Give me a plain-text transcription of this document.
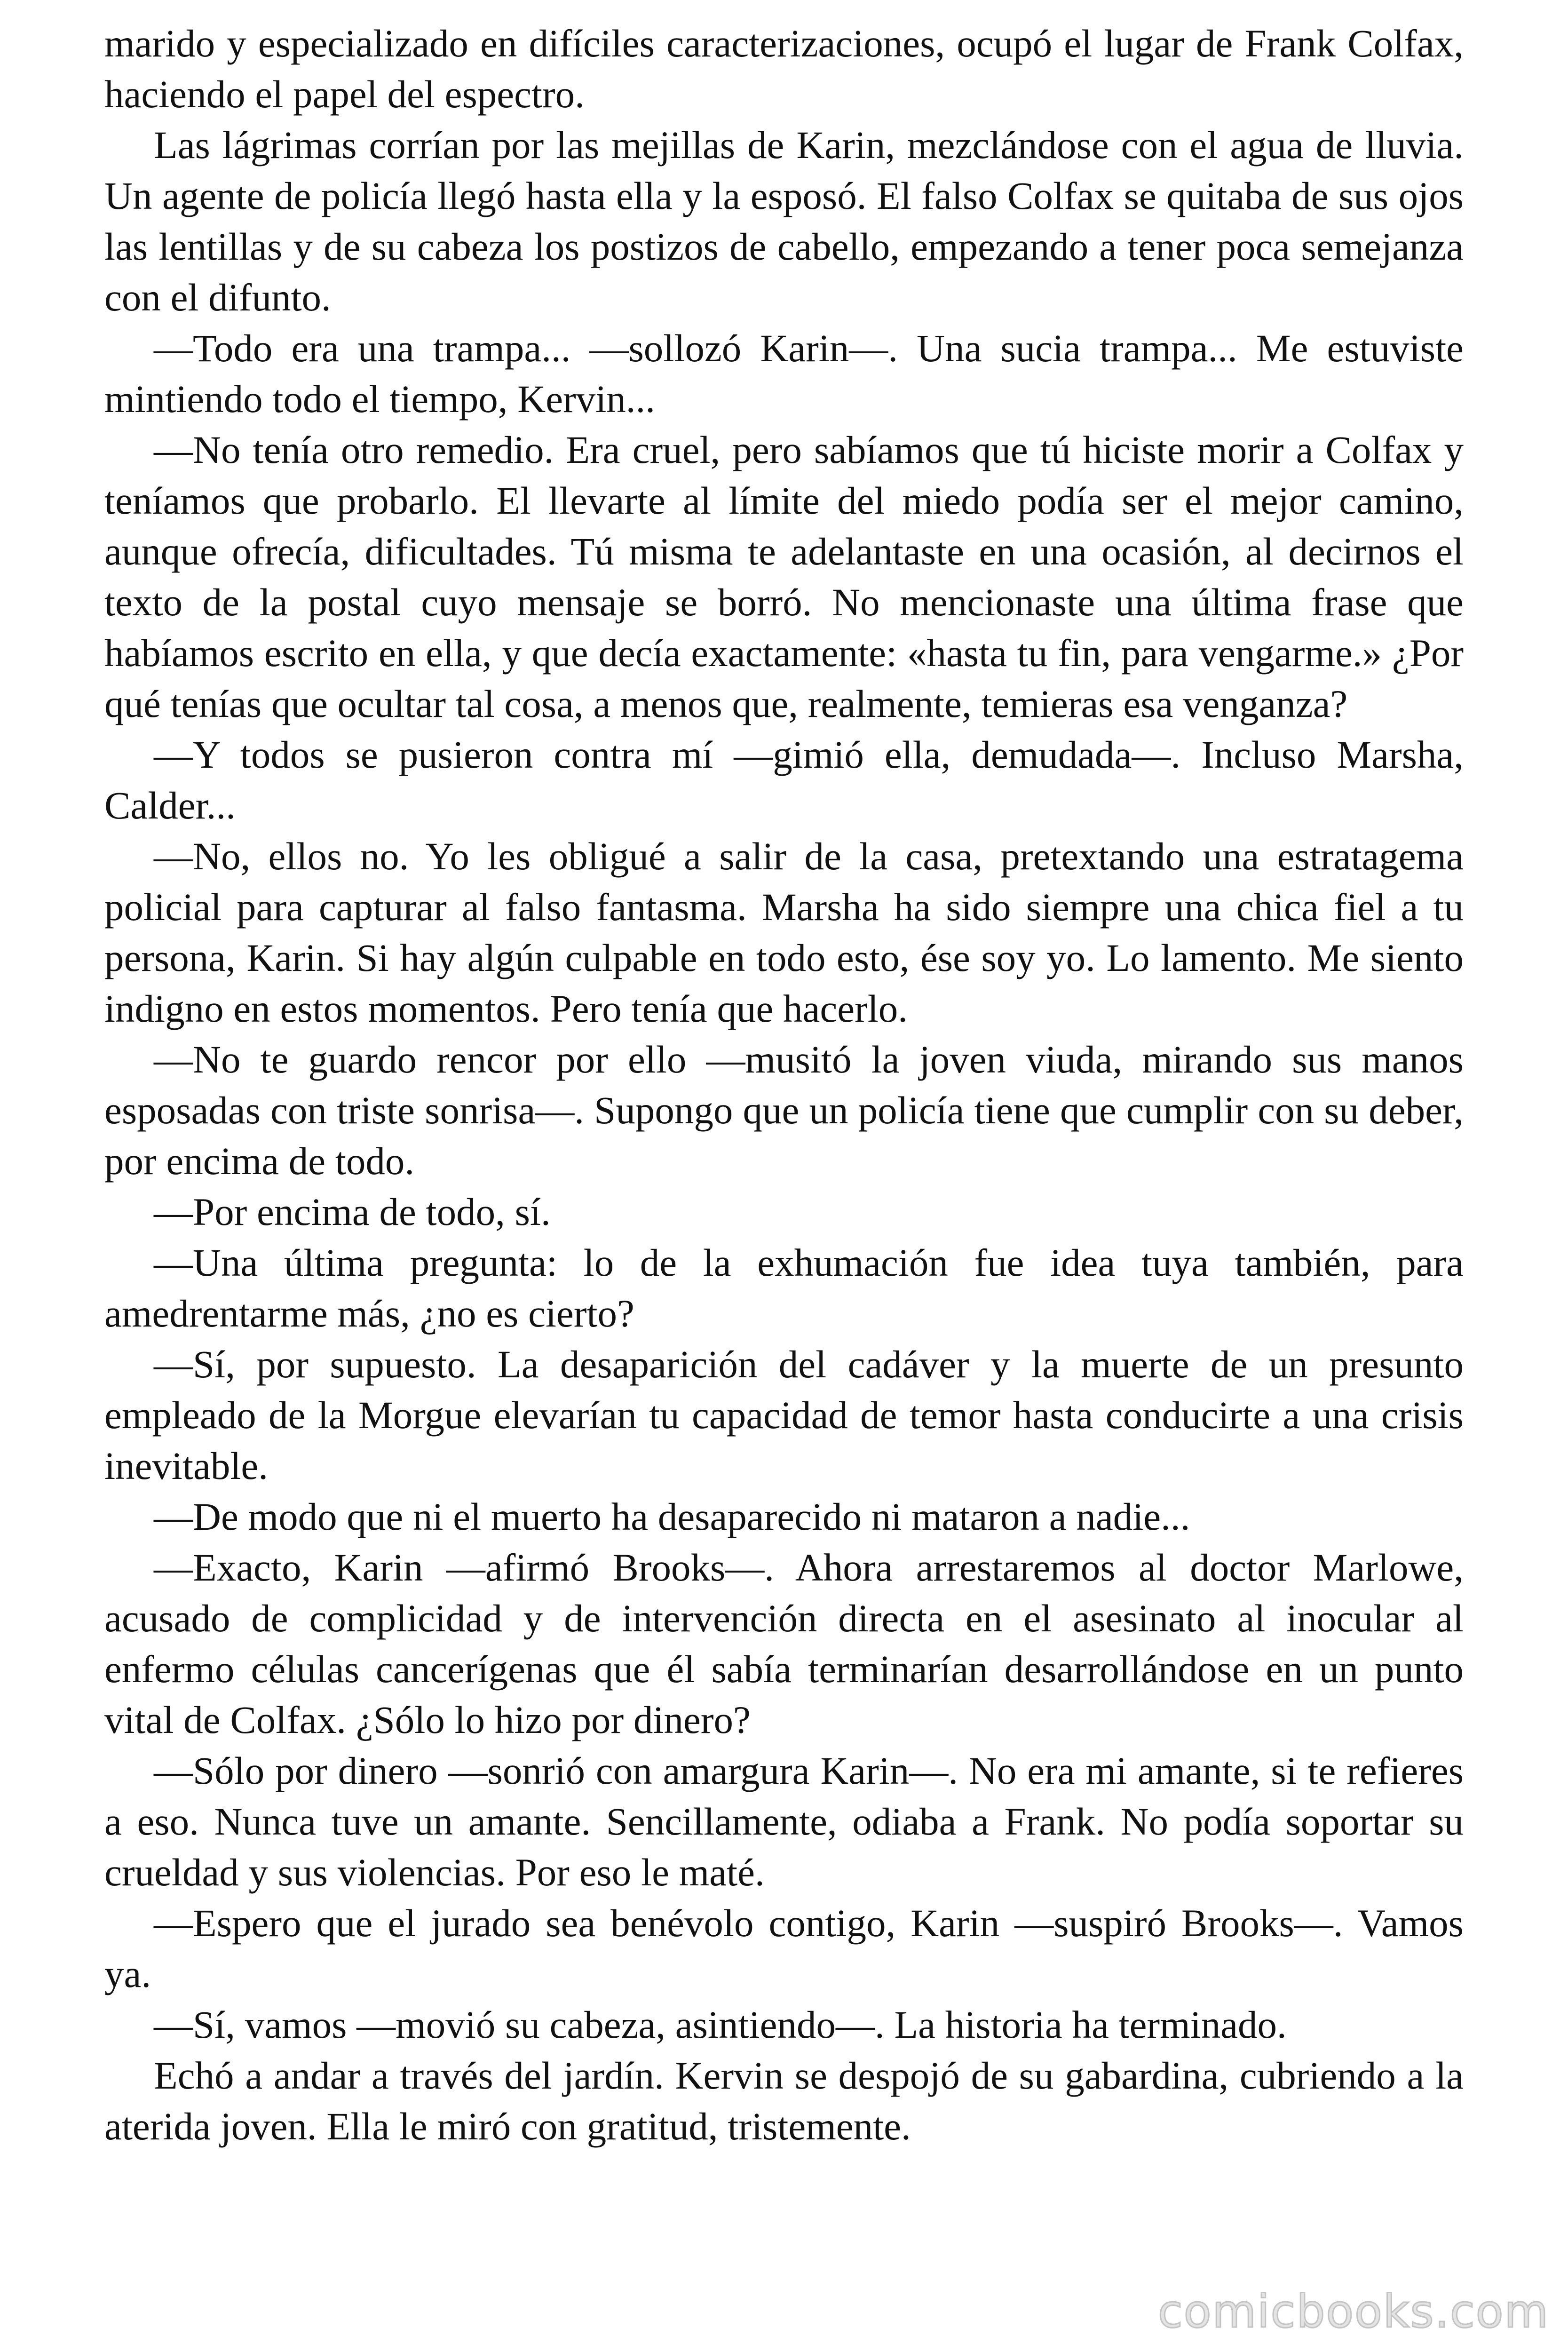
marido y especializado en difíciles caracterizaciones, ocupó el lugar de Frank Colfax, haciendo el papel del espectro.

Las lágrimas corrían por las mejillas de Karin, mezclándose con el agua de lluvia. Un agente de policía llegó hasta ella y la esposó. El falso Colfax se quitaba de sus ojos las lentillas y de su cabeza los postizos de cabello, empezando a tener poca semejanza con el difunto.

—Todo era una trampa... —sollozó Karin—. Una sucia trampa... Me estuviste mintiendo todo el tiempo, Kervin...

—No tenía otro remedio. Era cruel, pero sabíamos que tú hiciste morir a Colfax y teníamos que probarlo. El llevarte al límite del miedo podía ser el mejor camino, aunque ofrecía, dificultades. Tú misma te adelantaste en una ocasión, al decirnos el texto de la postal cuyo mensaje se borró. No mencionaste una última frase que habíamos escrito en ella, y que decía exactamente: «hasta tu fin, para vengarme.» ¿Por qué tenías que ocultar tal cosa, a menos que, realmente, temieras esa venganza?

—Y todos se pusieron contra mí —gimió ella, demudada—. Incluso Marsha, Calder...

—No, ellos no. Yo les obligué a salir de la casa, pretextando una estratagema policial para capturar al falso fantasma. Marsha ha sido siempre una chica fiel a tu persona, Karin. Si hay algún culpable en todo esto, ése soy yo. Lo lamento. Me siento indigno en estos momentos. Pero tenía que hacerlo.

—No te guardo rencor por ello —musitó la joven viuda, mirando sus manos esposadas con triste sonrisa—. Supongo que un policía tiene que cumplir con su deber, por encima de todo.

—Por encima de todo, sí.

—Una última pregunta: lo de la exhumación fue idea tuya también, para amedrentarme más, ¿no es cierto?

—Sí, por supuesto. La desaparición del cadáver y la muerte de un presunto empleado de la Morgue elevarían tu capacidad de temor hasta conducirte a una crisis inevitable.

—De modo que ni el muerto ha desaparecido ni mataron a nadie...

—Exacto, Karin —afirmó Brooks—. Ahora arrestaremos al doctor Marlowe, acusado de complicidad y de intervención directa en el asesinato al inocular al enfermo células cancerígenas que él sabía terminarían desarrollándose en un punto vital de Colfax. ¿Sólo lo hizo por dinero?

—Sólo por dinero —sonrió con amargura Karin—. No era mi amante, si te refieres a eso. Nunca tuve un amante. Sencillamente, odiaba a Frank. No podía soportar su crueldad y sus violencias. Por eso le maté.

—Espero que el jurado sea benévolo contigo, Karin —suspiró Brooks—. Vamos ya.

—Sí, vamos —movió su cabeza, asintiendo—. La historia ha terminado.

Echó a andar a través del jardín. Kervin se despojó de su gabardina, cubriendo a la aterida joven. Ella le miró con gratitud, tristemente.

comicbooks.com
